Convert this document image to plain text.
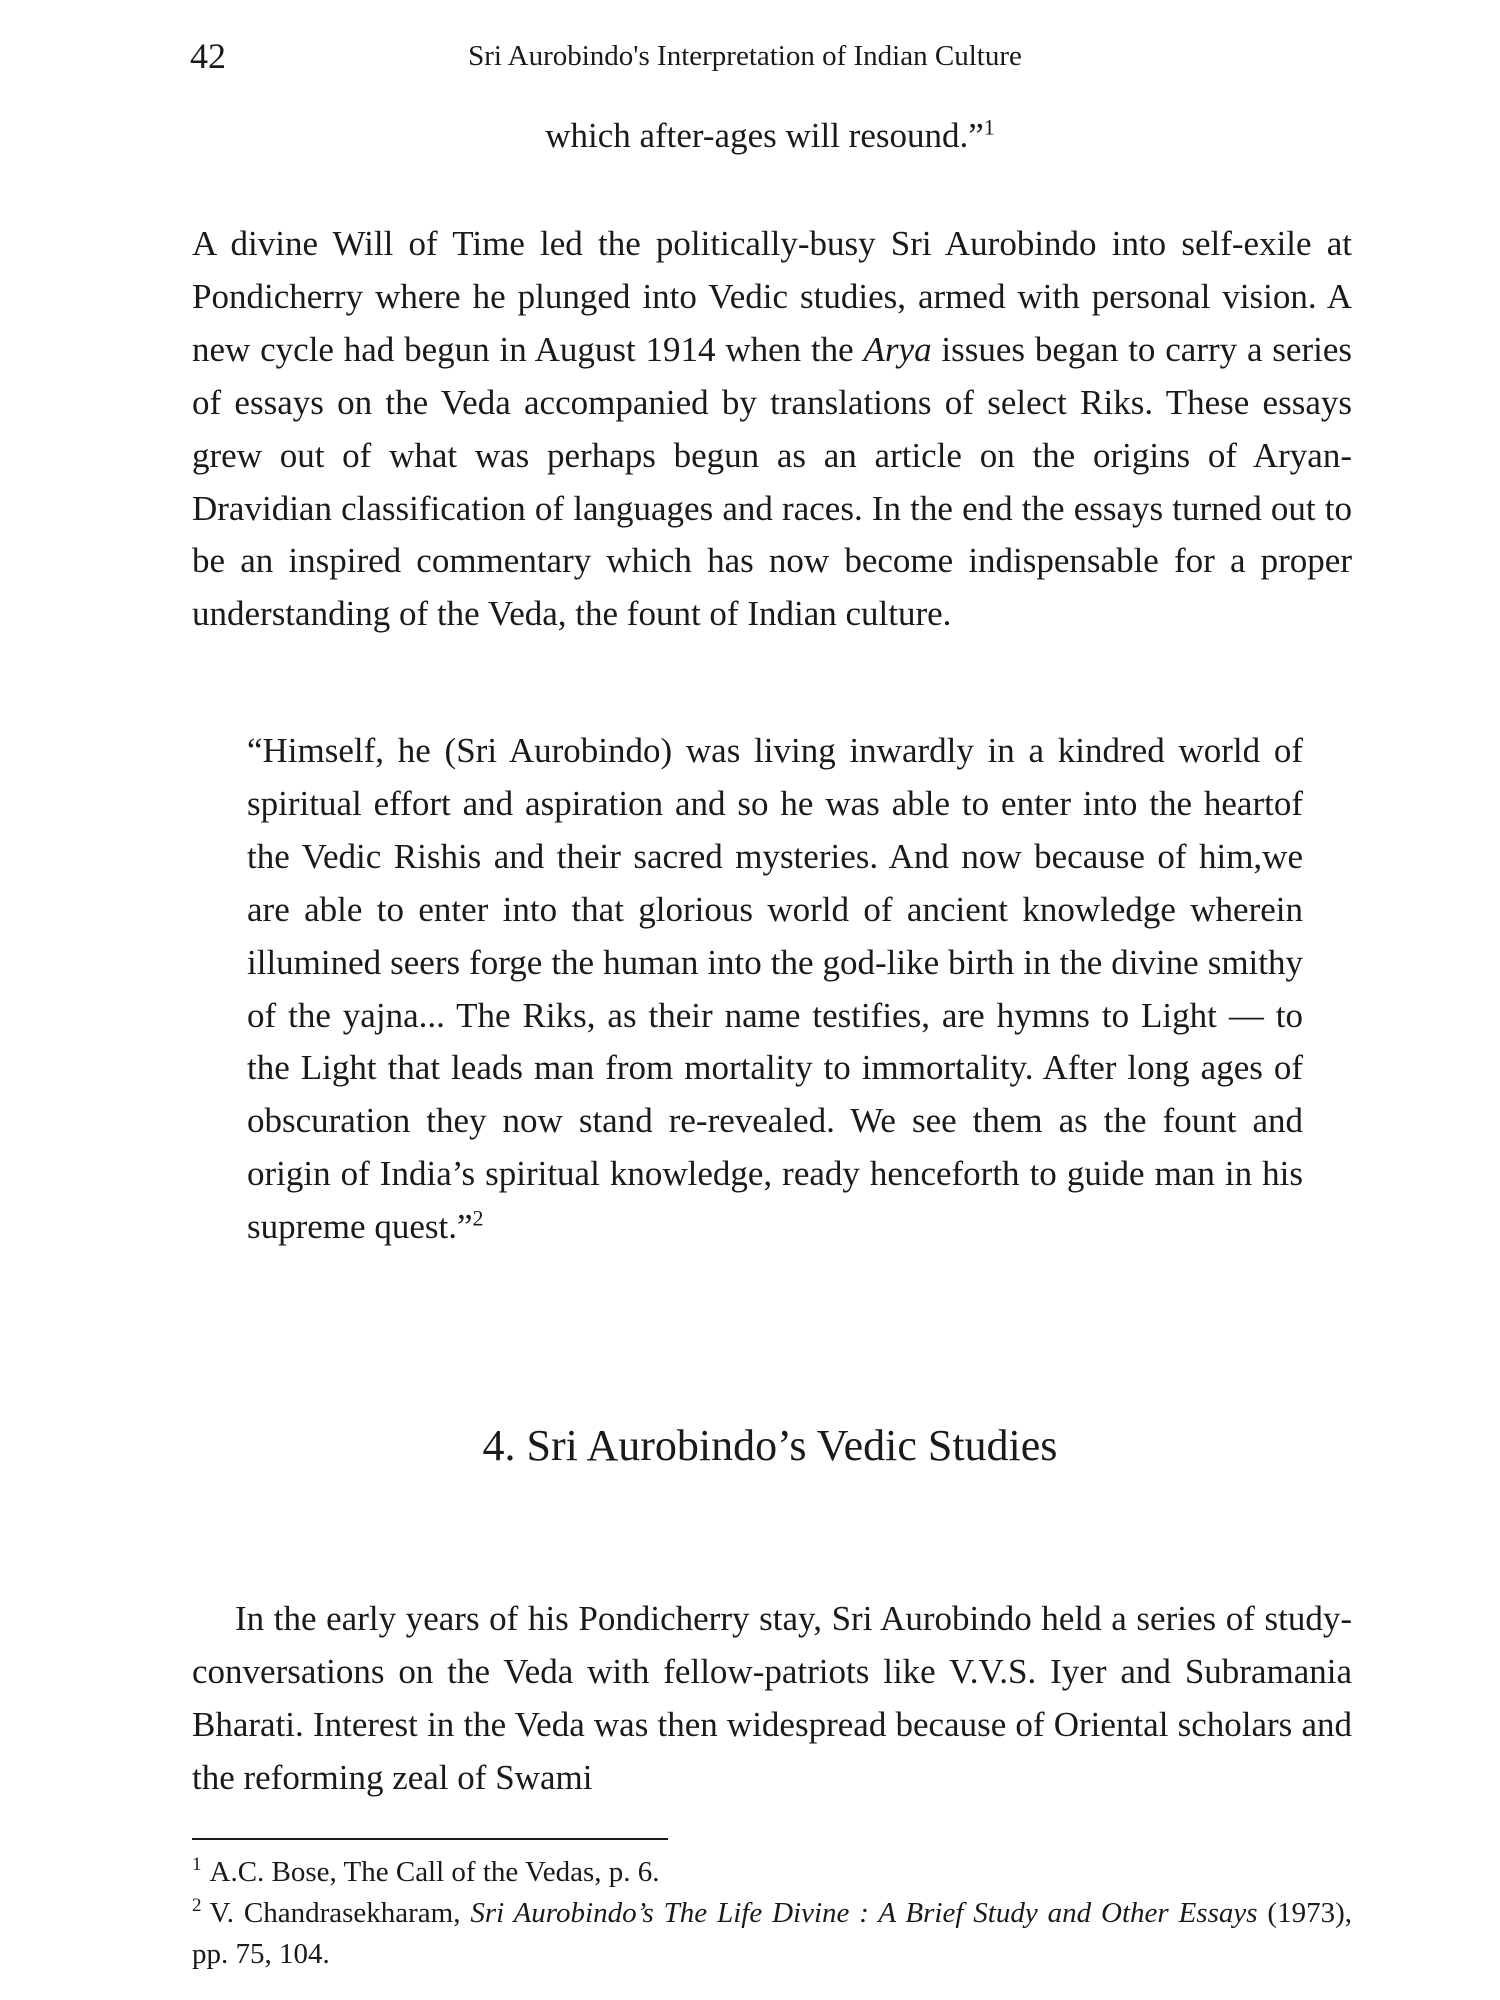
42	Sri Aurobindo's Interpretation of Indian Culture
which after-ages will resound.”$^1$

A divine Will of Time led the politically-busy Sri Aurobindo into self-exile at Pondicherry where he plunged into Vedic studies, armed with personal vision. A new cycle had begun in August 1914 when the Arya issues began to carry a series of essays on the Veda accompanied by translations of select Riks. These essays grew out of what was perhaps begun as an article on the origins of Aryan-Dravidian classification of languages and races. In the end the essays turned out to be an inspired commentary which has now become indispensable for a proper understanding of the Veda, the fount of Indian culture.

“Himself, he (Sri Aurobindo) was living inwardly in a kindred world of spiritual effort and aspiration and so he was able to enter into the heartof the Vedic Rishis and their sacred mysteries. And now because of him,we are able to enter into that glorious world of ancient knowledge wherein illumined seers forge the human into the god-like birth in the divine smithy of the yajna... The Riks, as their name testifies, are hymns to Light — to the Light that leads man from mortality to immortality. After long ages of obscuration they now stand re-revealed. We see them as the fount and origin of India’s spiritual knowledge, ready henceforth to guide man in his supreme quest.”$^2$

4. Sri Aurobindo’s Vedic Studies

In the early years of his Pondicherry stay, Sri Aurobindo held a series of study-conversations on the Veda with fellow-patriots like V.V.S. Iyer and Subramania Bharati. Interest in the Veda was then widespread because of Oriental scholars and the reforming zeal of Swami

$^1$ A.C. Bose, The Call of the Vedas, p. 6.

$^2$ V. Chandrasekharam, Sri Aurobindo’s The Life Divine : A Brief Study and Other Essays (1973), pp. 75, 104.
